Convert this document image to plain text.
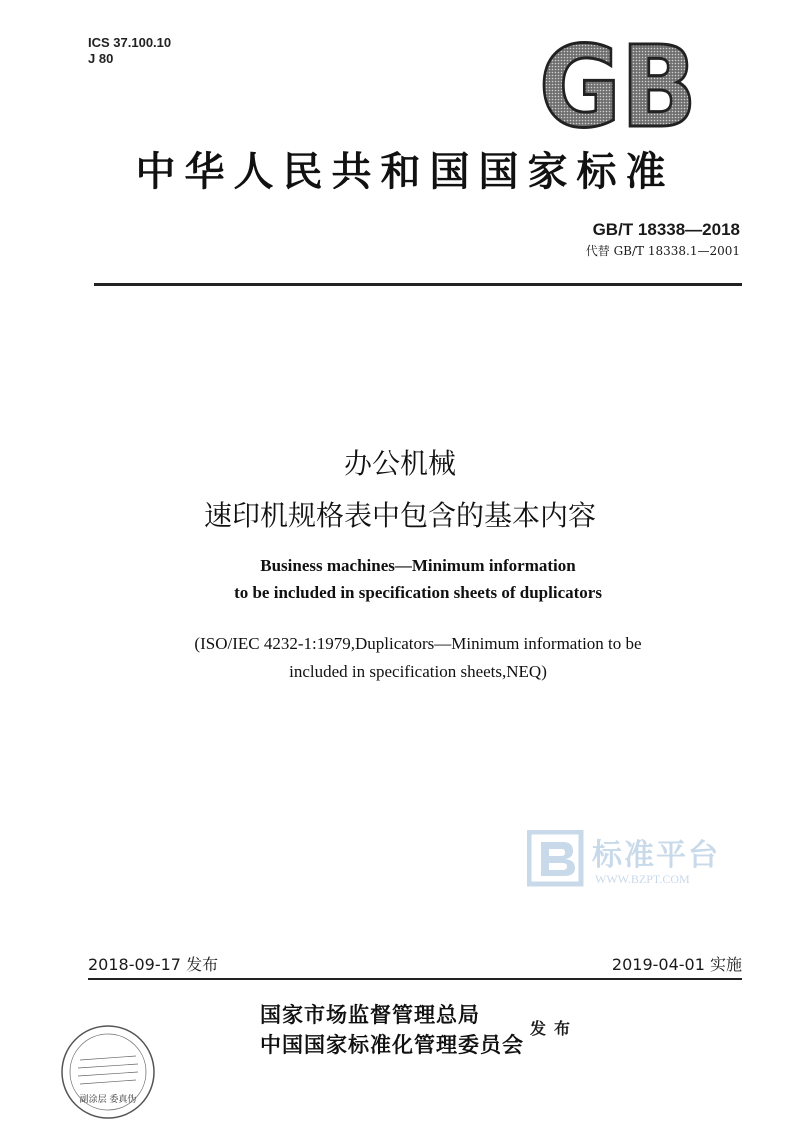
ICS 37.100.10
J 80	GB
中华人民共和国国家标准
GB/T 18338—2018
代替 GB/T 18338.1—2001
办公机械
速印机规格表中包含的基本内容
Business machines—Minimum information
to be included in specification sheets of duplicators
(ISO/IEC 4232-1:1979,Duplicators—Minimum information to be
included in specification sheets,NEQ)
标准平台
WWW.BZPT.COM
2018-09-17 发布	2019-04-01 实施
国家市场监督管理总局
中国国家标准化管理委员会
发布
副涂层 委真伪
